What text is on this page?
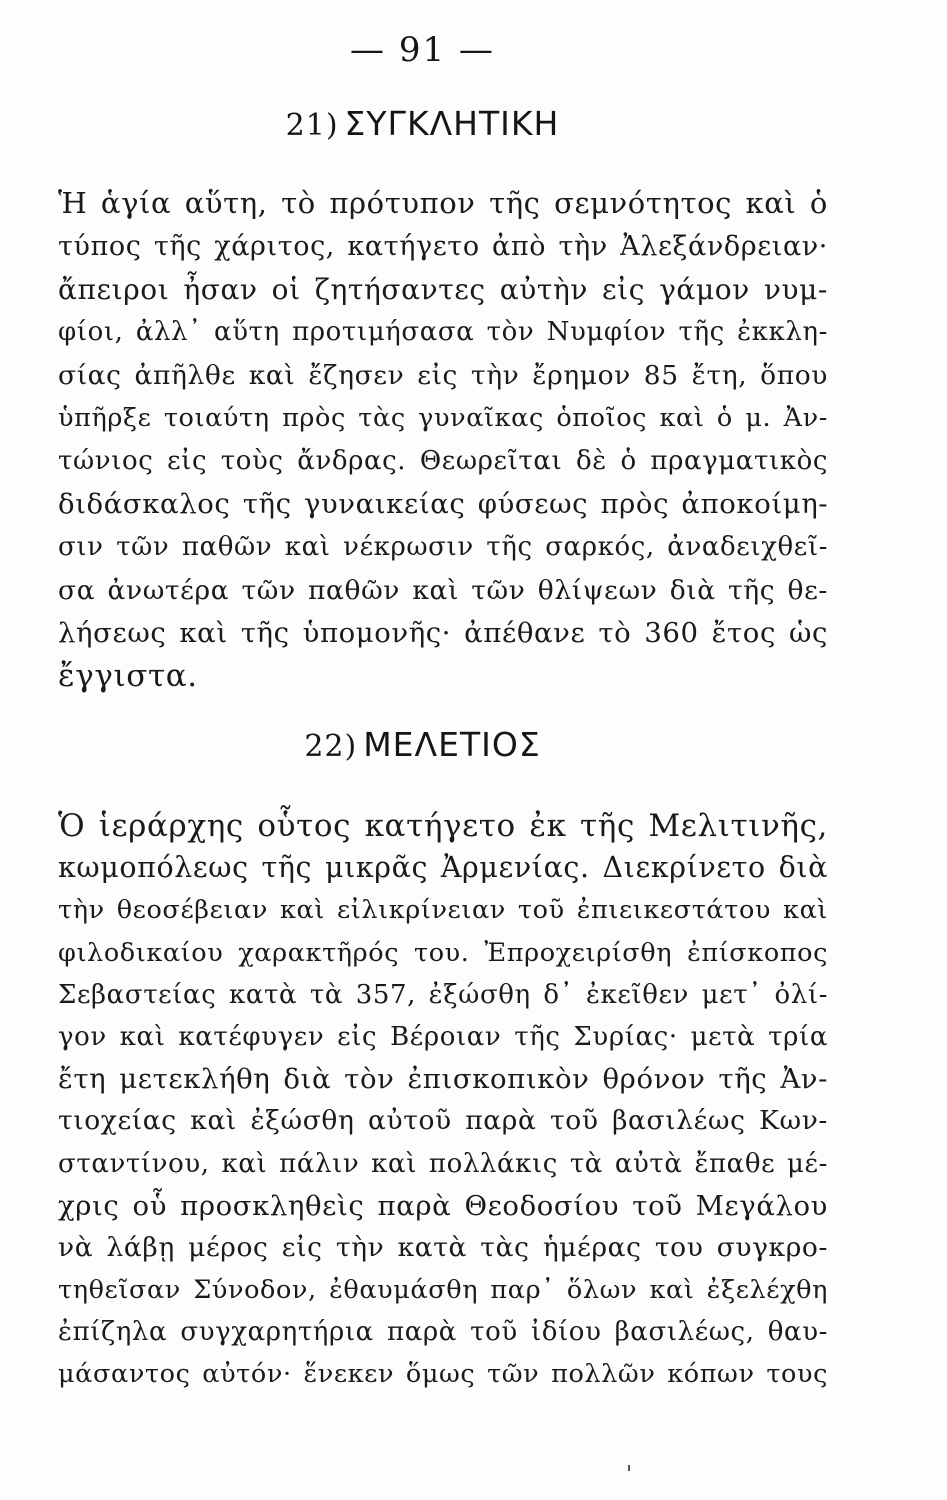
— 91 —
21) ΣΥΓΚΛΗΤΙΚΗ
Ἡ ἁγία αὕτη, τὸ πρότυπον τῆς σεμνότητος καὶ ὁ
τύπος τῆς χάριτος, κατήγετο ἀπὸ τὴν Ἀλεξάνδρειαν·
ἄπειροι ἦσαν οἱ ζητήσαντες αὐτὴν εἰς γάμον νυμ-
φίοι, ἀλλ᾽ αὕτη προτιμήσασα τὸν Νυμφίον τῆς ἐκκλη-
σίας ἀπῆλθε καὶ ἔζησεν εἰς τὴν ἔρημον 85 ἔτη, ὅπου
ὑπῆρξε τοιαύτη πρὸς τὰς γυναῖκας ὁποῖος καὶ ὁ μ. Ἀν-
τώνιος εἰς τοὺς ἄνδρας. Θεωρεῖται δὲ ὁ πραγματικὸς
διδάσκαλος τῆς γυναικείας φύσεως πρὸς ἀποκοίμη-
σιν τῶν παθῶν καὶ νέκρωσιν τῆς σαρκός, ἀναδειχθεῖ-
σα ἀνωτέρα τῶν παθῶν καὶ τῶν θλίψεων διὰ τῆς θε-
λήσεως καὶ τῆς ὑπομονῆς· ἀπέθανε τὸ 360 ἔτος ὡς
ἔγγιστα.
22) ΜΕΛΕΤΙΟΣ
Ὁ ἱεράρχης οὗτος κατήγετο ἐκ τῆς Μελιτινῆς,
κωμοπόλεως τῆς μικρᾶς Ἀρμενίας. Διεκρίνετο διὰ
τὴν θεοσέβειαν καὶ εἰλικρίνειαν τοῦ ἐπιεικεστάτου καὶ
φιλοδικαίου χαρακτῆρός του. Ἐπροχειρίσθη ἐπίσκοπος
Σεβαστείας κατὰ τὰ 357, ἐξώσθη δ᾽ ἐκεῖθεν μετ᾽ ὀλί-
γον καὶ κατέφυγεν εἰς Βέροιαν τῆς Συρίας· μετὰ τρία
ἔτη μετεκλήθη διὰ τὸν ἐπισκοπικὸν θρόνον τῆς Ἀν-
τιοχείας καὶ ἐξώσθη αὐτοῦ παρὰ τοῦ βασιλέως Κων-
σταντίνου, καὶ πάλιν καὶ πολλάκις τὰ αὐτὰ ἔπαθε μέ-
χρις οὗ προσκληθεὶς παρὰ Θεοδοσίου τοῦ Μεγάλου
νὰ λάβῃ μέρος εἰς τὴν κατὰ τὰς ἡμέρας του συγκρο-
τηθεῖσαν Σύνοδον, ἐθαυμάσθη παρ᾽ ὅλων καὶ ἐξελέχθη
ἐπίζηλα συγχαρητήρια παρὰ τοῦ ἰδίου βασιλέως, θαυ-
μάσαντος αὐτόν· ἕνεκεν ὅμως τῶν πολλῶν κόπων τους
